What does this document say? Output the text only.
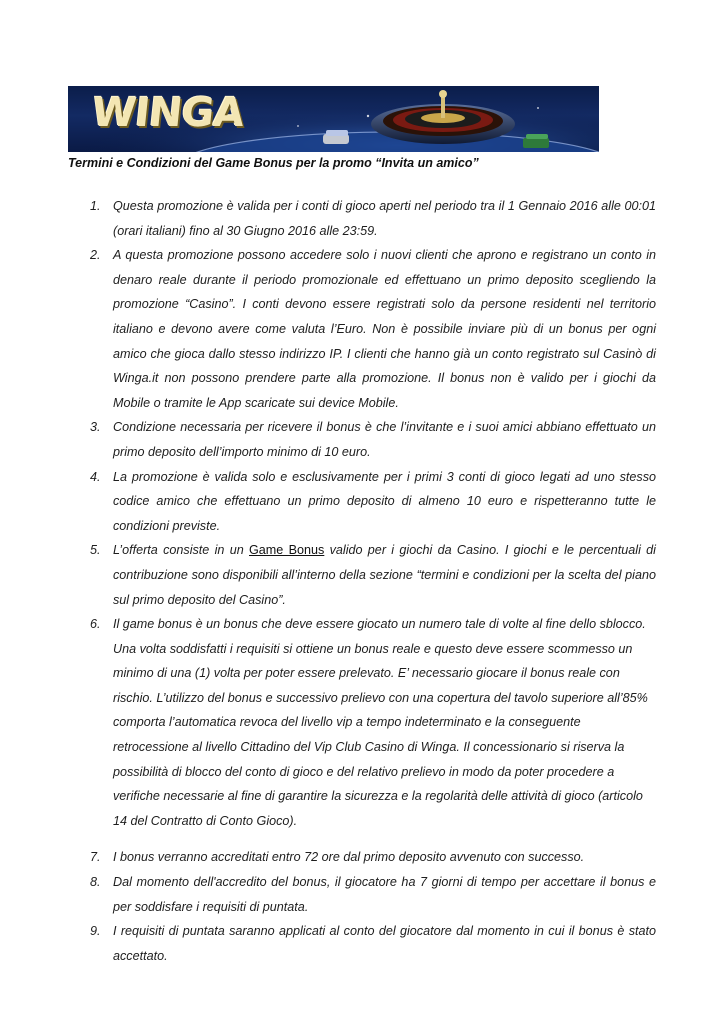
WINGA
Termini e Condizioni del Game Bonus per la promo “Invita un amico”
1. Questa promozione è valida per i conti di gioco aperti nel periodo tra il 1 Gennaio 2016 alle 00:01 (orari italiani) fino al 30 Giugno 2016 alle 23:59.
2. A questa promozione possono accedere solo i nuovi clienti che aprono e registrano un conto in denaro reale durante il periodo promozionale ed effettuano un primo deposito scegliendo la promozione “Casino”. I conti devono essere registrati solo da persone residenti nel territorio italiano e devono avere come valuta l’Euro. Non è possibile inviare più di un bonus per ogni amico che gioca dallo stesso indirizzo IP. I clienti che hanno già un conto registrato sul Casinò di Winga.it non possono prendere parte alla promozione. Il bonus non è valido per i giochi da Mobile o tramite le App scaricate sui device Mobile.
3. Condizione necessaria per ricevere il bonus è che l’invitante e i suoi amici abbiano effettuato un primo deposito dell’importo minimo di 10 euro.
4. La promozione è valida solo e esclusivamente per i primi 3 conti di gioco legati ad uno stesso codice amico che effettuano un primo deposito di almeno 10 euro e rispetteranno tutte le condizioni previste.
5. L’offerta consiste in un Game Bonus valido per i giochi da Casino. I giochi e le percentuali di contribuzione sono disponibili all’interno della sezione “termini e condizioni per la scelta del piano sul primo deposito del Casino”.
6. Il game bonus è un bonus che deve essere giocato un numero tale di volte al fine dello sblocco. Una volta soddisfatti i requisiti si ottiene un bonus reale e questo deve essere scommesso un minimo di una (1) volta per poter essere prelevato. E’ necessario giocare il bonus reale con rischio. L’utilizzo del bonus e successivo prelievo con una copertura del tavolo superiore all’85% comporta l’automatica revoca del livello vip a tempo indeterminato e la conseguente retrocessione al livello Cittadino del Vip Club Casino di Winga. Il concessionario si riserva la possibilità di blocco del conto di gioco e del relativo prelievo in modo da poter procedere a verifiche necessarie al fine di garantire la sicurezza e la regolarità delle attività di gioco (articolo 14 del Contratto di Conto Gioco).
7. I bonus verranno accreditati entro 72 ore dal primo deposito avvenuto con successo.
8. Dal momento dell'accredito del bonus, il giocatore ha 7 giorni di tempo per accettare il bonus e per soddisfare i requisiti di puntata.
9. I requisiti di puntata saranno applicati al conto del giocatore dal momento in cui il bonus è stato accettato.
